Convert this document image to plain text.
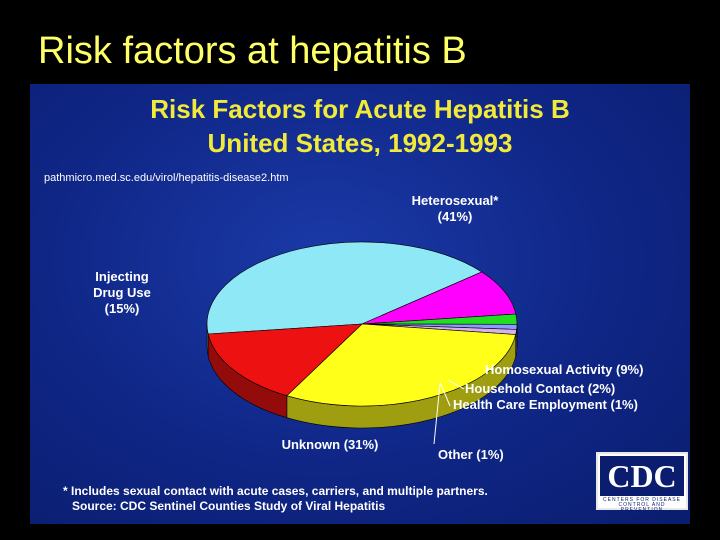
Risk factors at hepatitis B
Risk Factors for Acute Hepatitis B
United States, 1992-1993
pathmicro.med.sc.edu/virol/hepatitis-disease2.htm
Heterosexual* (41%)
Homosexual Activity (9%)
Household Contact (2%)
Health Care Employment (1%)
Other (1%)
Unknown (31%)
Injecting Drug Use (15%)
* Includes sexual contact with acute cases, carriers, and multiple partners.
Source: CDC Sentinel Counties Study of Viral Hepatitis
CDC
CENTERS FOR DISEASE
CONTROL AND PREVENTION
